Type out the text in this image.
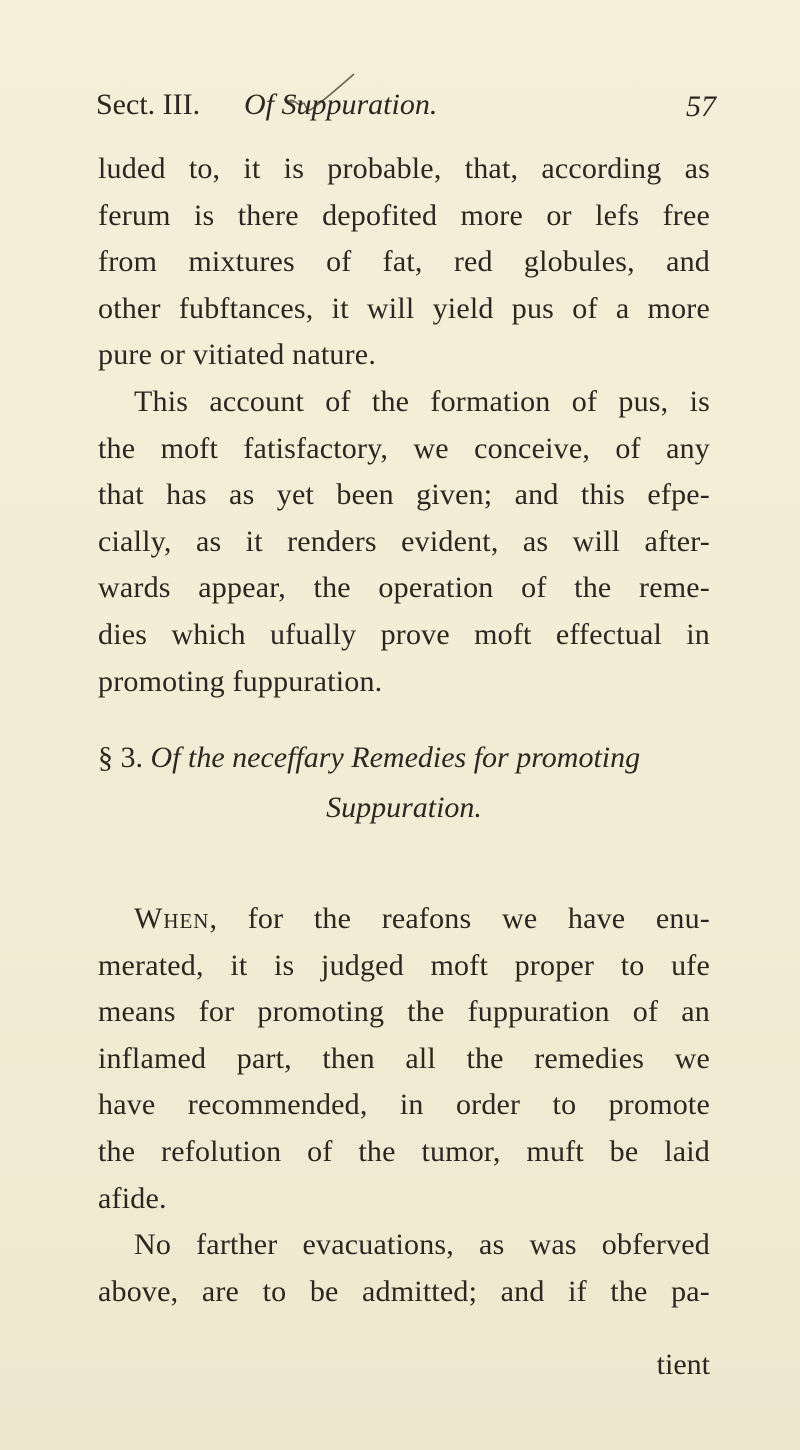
Sect. III. Of Suppuration.	57
luded to, it is probable, that, according as
ferum is there depofited more or lefs free
from mixtures of fat, red globules, and
other fubftances, it will yield pus of a more
pure or vitiated nature.
This account of the formation of pus, is
the moft fatisfactory, we conceive, of any
that has as yet been given; and this efpe-
cially, as it renders evident, as will after-
wards appear, the operation of the reme-
dies which ufually prove moft effectual in
promoting fuppuration.
§ 3. Of the neceffary Remedies for promoting
Suppuration.
When, for the reafons we have enu-
merated, it is judged moft proper to ufe
means for promoting the fuppuration of an
inflamed part, then all the remedies we
have recommended, in order to promote
the refolution of the tumor, muft be laid
afide.
No farther evacuations, as was obferved
above, are to be admitted; and if the pa-
tient
